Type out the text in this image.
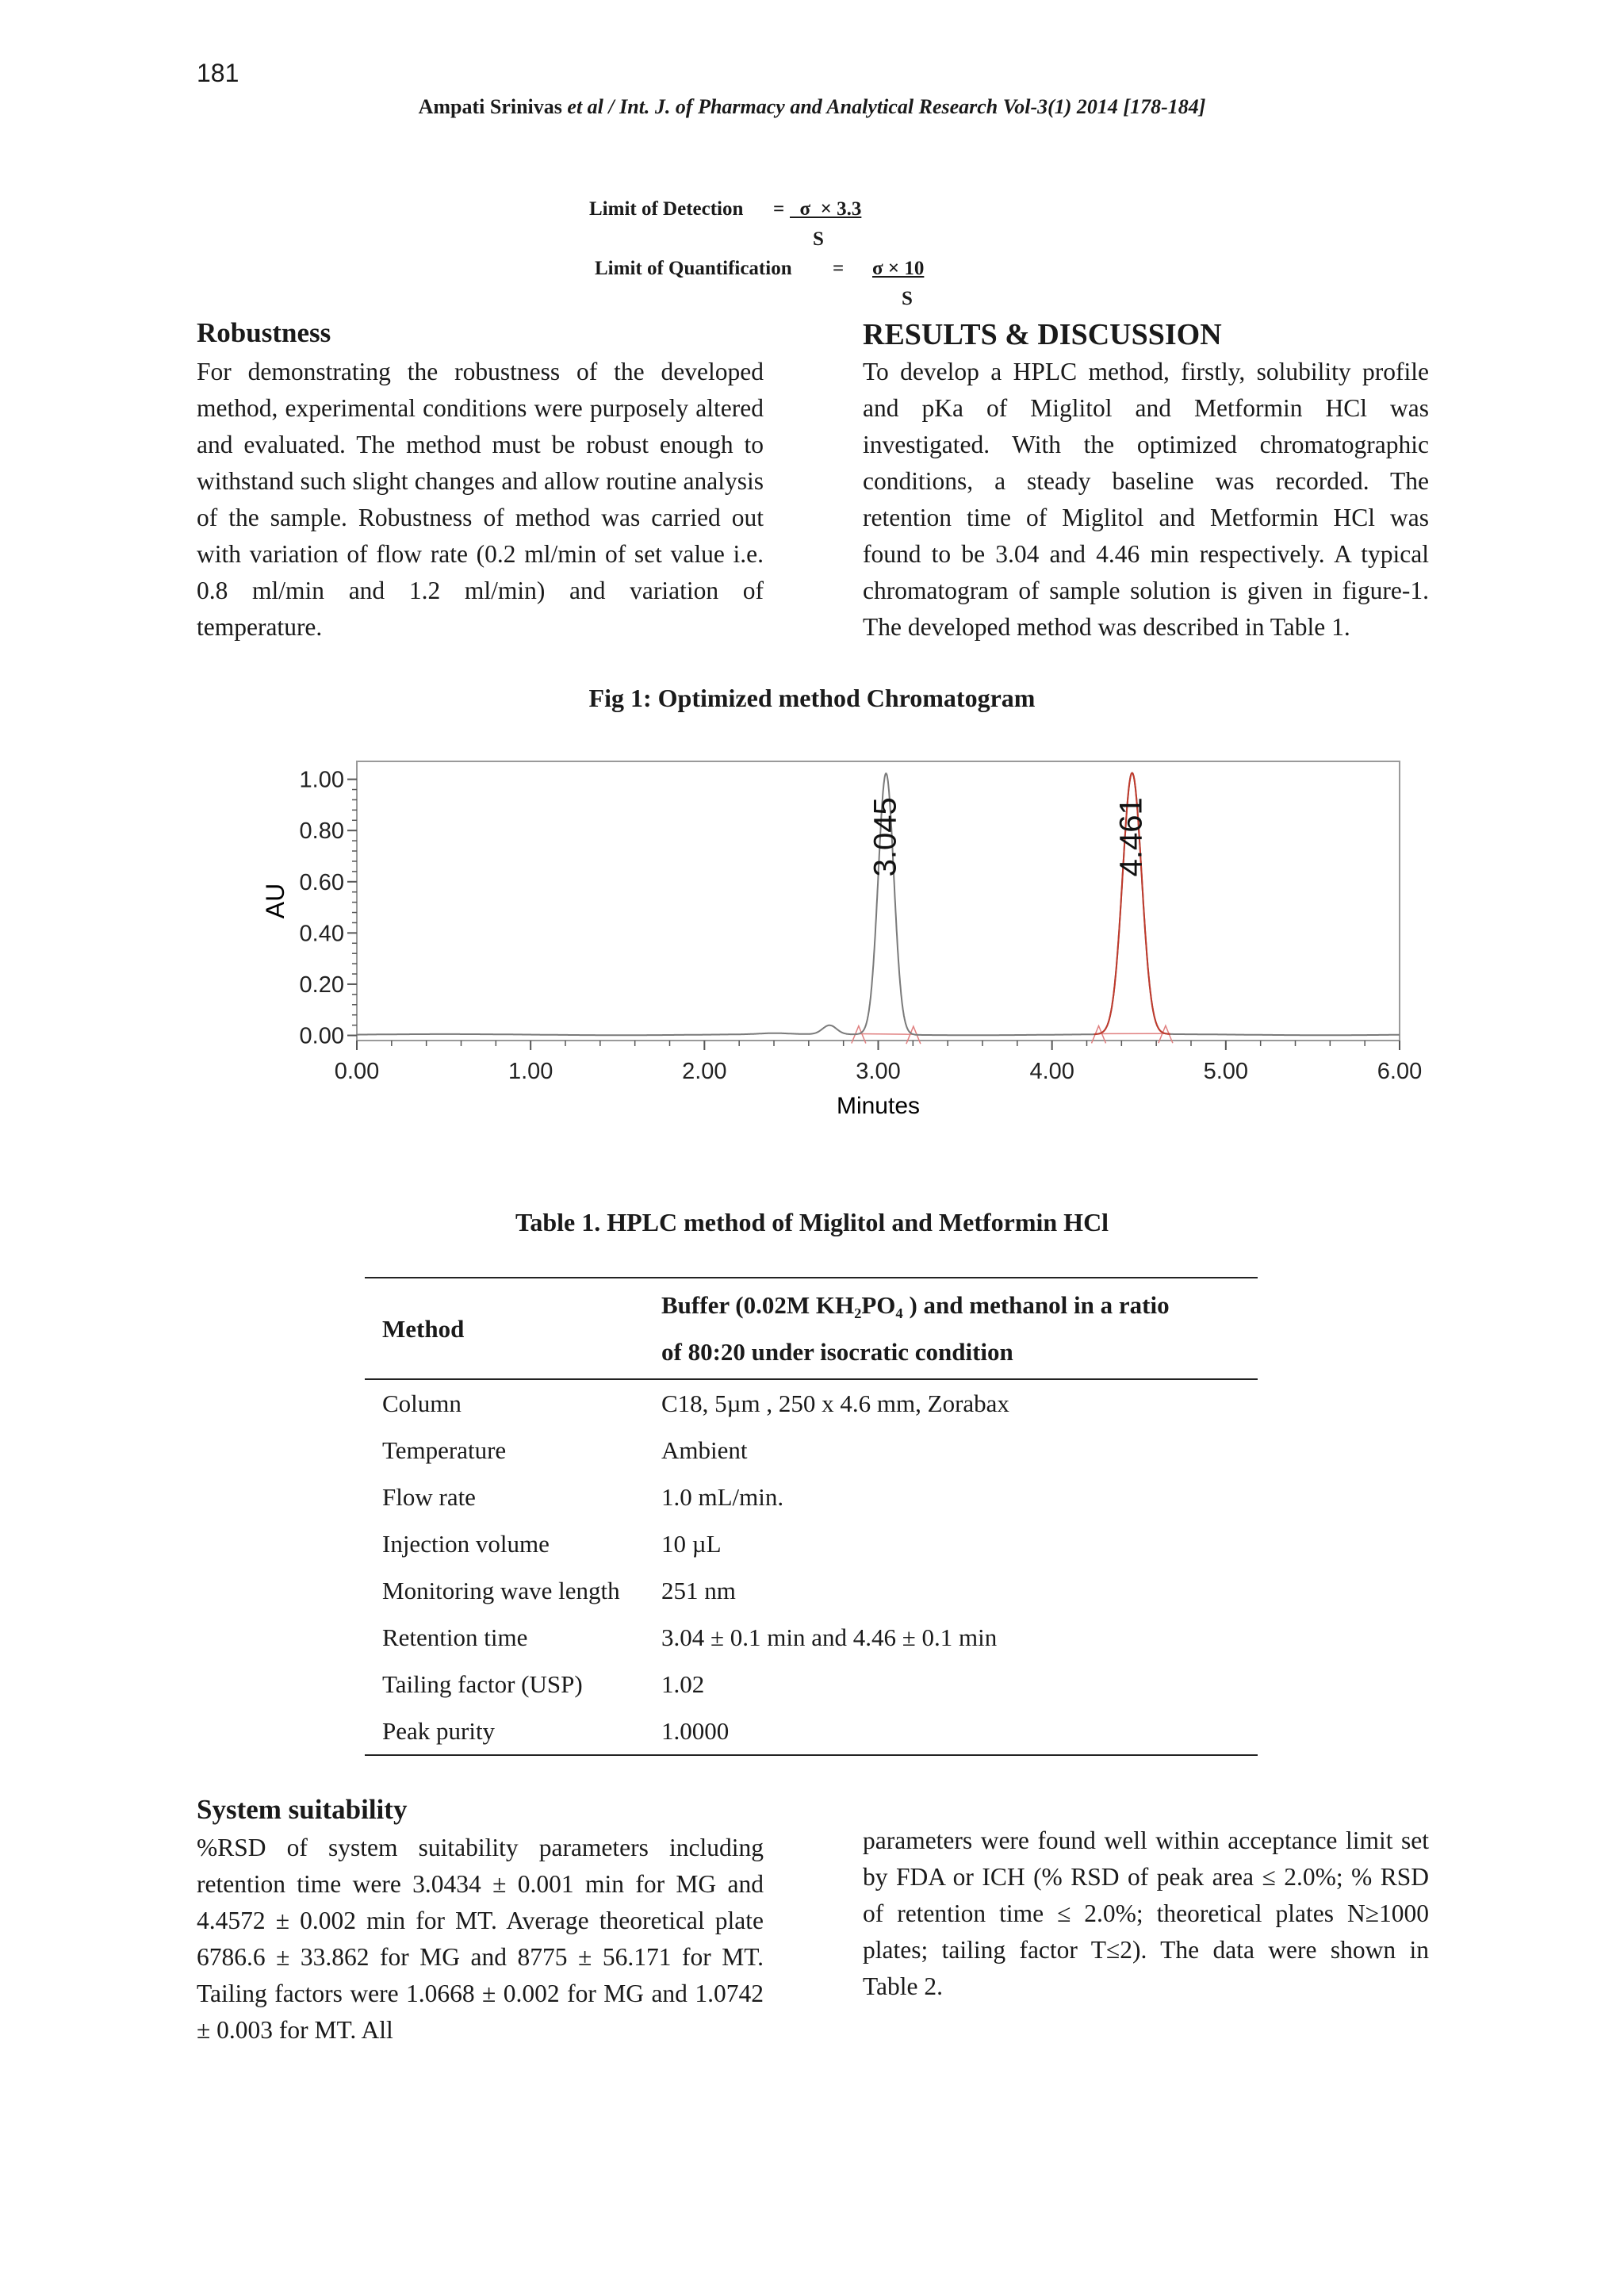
181
Ampati Srinivas et al / Int. J. of Pharmacy and Analytical Research Vol-3(1) 2014 [178-184]
Limit of Detection = σ  × 3.3
S
Limit of Quantification = σ × 10
S
Robustness
For demonstrating the robustness of the developed method, experimental conditions were purposely altered and evaluated. The method must be robust enough to withstand such slight changes and allow routine analysis of the sample. Robustness of method was carried out with variation of flow rate (0.2 ml/min of set value i.e. 0.8 ml/min and 1.2 ml/min) and variation of temperature.
RESULTS & DISCUSSION
To develop a HPLC method, firstly, solubility profile and pKa of Miglitol and Metformin HCl was investigated. With the optimized chromatographic conditions, a steady baseline was recorded. The retention time of Miglitol and Metformin HCl was found to be 3.04 and 4.46 min respectively. A typical chromatogram of sample solution is given in figure-1. The developed method was described in Table 1.
Fig 1: Optimized method Chromatogram
0.00
0.20
0.40
0.60
0.80
1.00
0.00	1.00	2.00	3.00	4.00	5.00	6.00
3.045	4.461
AU
Minutes
Table 1. HPLC method of Miglitol and Metformin HCl
Method	Buffer (0.02M KH₂PO₄ ) and methanol in a ratio
of 80:20 under isocratic condition

Column	C18, 5µm , 250 x 4.6 mm, Zorabax
Temperature	Ambient
Flow rate	1.0 mL/min.
Injection volume	10 µL
Monitoring wave length	251 nm
Retention time	3.04 ± 0.1 min and 4.46 ± 0.1 min
Tailing factor (USP)	1.02
Peak purity	1.0000
System suitability
%RSD of system suitability parameters including retention time were 3.0434 ± 0.001 min for MG and 4.4572 ± 0.002 min for MT. Average theoretical plate 6786.6 ± 33.862 for MG and 8775 ± 56.171 for MT. Tailing factors were 1.0668 ± 0.002 for MG and 1.0742 ± 0.003 for MT. All
parameters were found well within acceptance limit set by FDA or ICH (% RSD of peak area ≤ 2.0%; % RSD of retention time ≤ 2.0%; theoretical plates N≥1000 plates; tailing factor T≤2). The data were shown in Table 2.
